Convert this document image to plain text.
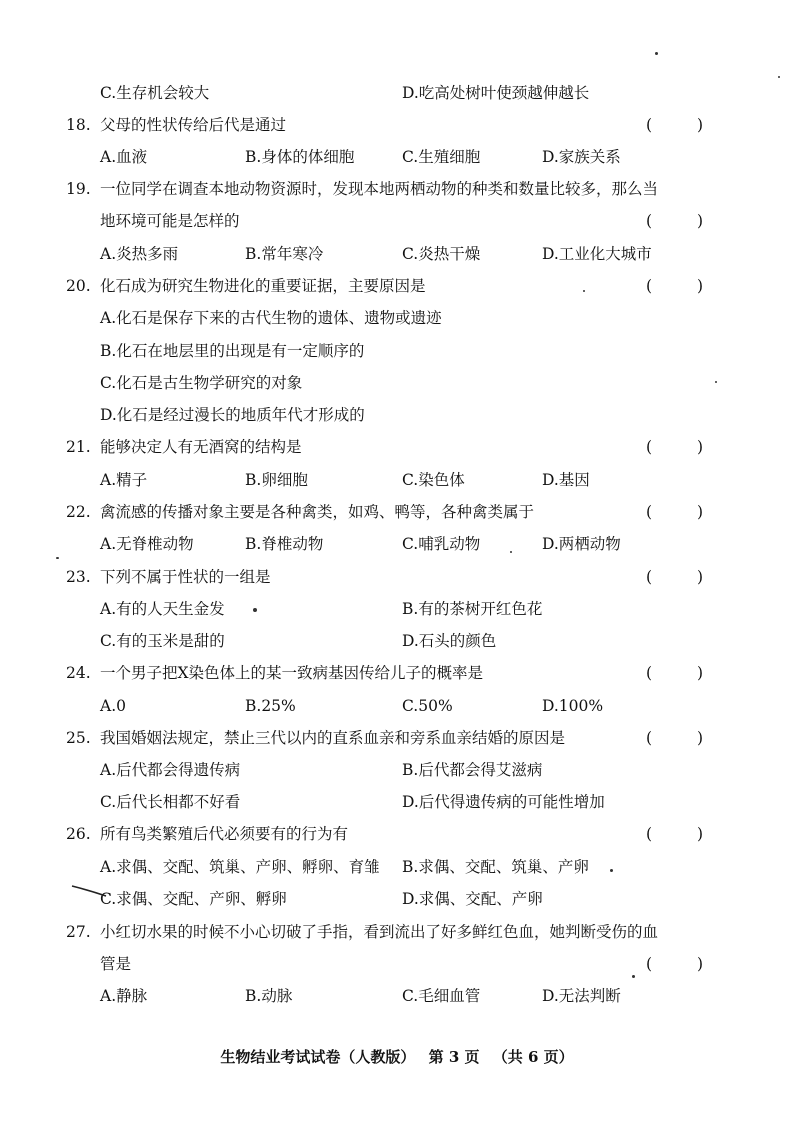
C.生存机会较大	D.吃高处树叶使颈越伸越长
18. 父母的性状传给后代是通过	( )
A.血液	B.身体的体细胞	C.生殖细胞	D.家族关系
19. 一位同学在调查本地动物资源时，发现本地两栖动物的种类和数量比较多，那么当
地环境可能是怎样的	( )
A.炎热多雨	B.常年寒冷	C.炎热干燥	D.工业化大城市
20. 化石成为研究生物进化的重要证据，主要原因是	( )
A.化石是保存下来的古代生物的遗体、遗物或遗迹
B.化石在地层里的出现是有一定顺序的
C.化石是古生物学研究的对象
D.化石是经过漫长的地质年代才形成的
21. 能够决定人有无酒窝的结构是	( )
A.精子	B.卵细胞	C.染色体	D.基因
22. 禽流感的传播对象主要是各种禽类，如鸡、鸭等，各种禽类属于	( )
A.无脊椎动物	B.脊椎动物	C.哺乳动物	D.两栖动物
23. 下列不属于性状的一组是	( )
A.有的人天生金发	B.有的茶树开红色花
C.有的玉米是甜的	D.石头的颜色
24. 一个男子把X染色体上的某一致病基因传给儿子的概率是	( )
A.0	B.25%	C.50%	D.100%
25. 我国婚姻法规定，禁止三代以内的直系血亲和旁系血亲结婚的原因是	( )
A.后代都会得遗传病	B.后代都会得艾滋病
C.后代长相都不好看	D.后代得遗传病的可能性增加
26. 所有鸟类繁殖后代必须要有的行为有	( )
A.求偶、交配、筑巢、产卵、孵卵、育雏 B.求偶、交配、筑巢、产卵
C.求偶、交配、产卵、孵卵	D.求偶、交配、产卵
27. 小红切水果的时候不小心切破了手指，看到流出了好多鲜红色血，她判断受伤的血
管是	( )
A.静脉	B.动脉	C.毛细血管	D.无法判断
生物结业考试试卷（人教版） 第 3 页 （共 6 页）
